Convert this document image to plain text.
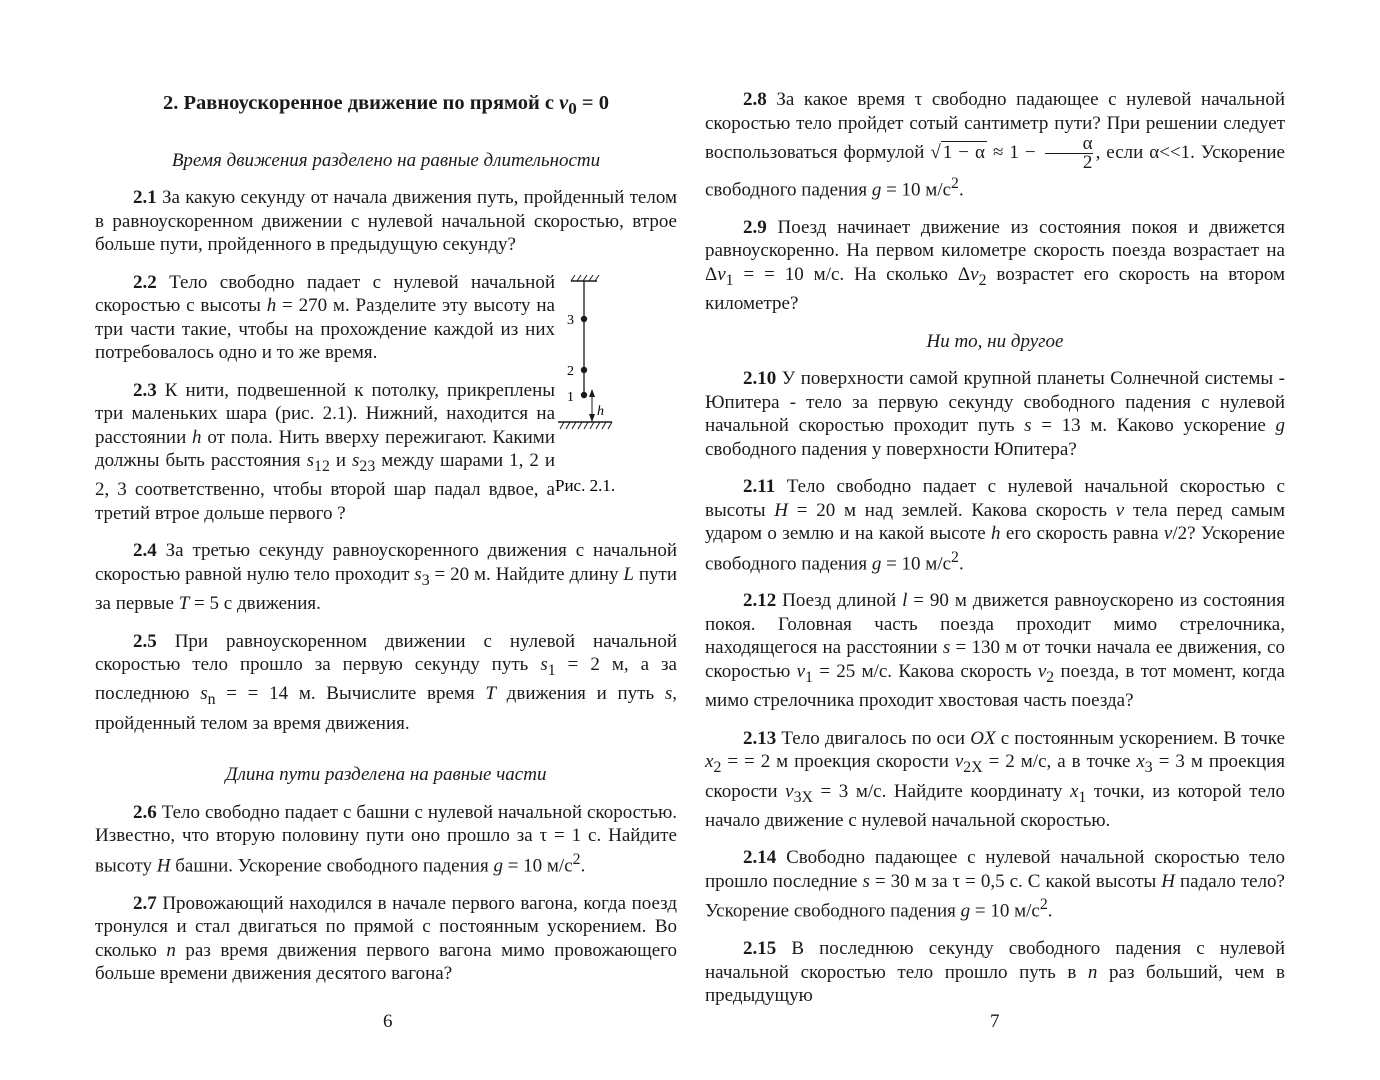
2. Равноускоренное движение по прямой с $v_0 = 0$

Время движения разделено на равные длительности

2.1 За какую секунду от начала движения путь, пройденный телом в равноускоренном движении с нулевой начальной скоростью, втрое больше пути, пройденного в предыдущую секунду?

2.2 Тело свободно падает с нулевой начальной скоростью с высоты h = 270 м. Разделите эту высоту на три части такие, чтобы на прохождение каждой из них потребовалось одно и то же время.

2.3 К нити, подвешенной к потолку, прикреплены три маленьких шара (рис. 2.1). Нижний, находится на расстоянии h от пола. Нить вверху пережигают. Какими должны быть расстояния $s_{12}$ и $s_{23}$ между шарами 1, 2 и 2, 3 соответственно, чтобы второй шар падал вдвое, а третий втрое дольше первого ?

3
2
1
h
Рис. 2.1.

2.4 За третью секунду равноускоренного движения с начальной скоростью равной нулю тело проходит $s_3 = 20$ м. Найдите длину L пути за первые T = 5 с движения.

2.5 При равноускоренном движении с нулевой начальной скоростью тело прошло за первую секунду путь $s_1 = 2$ м, а за последнюю $s_n$ = = 14 м. Вычислите время T движения и путь s, пройденный телом за время движения.

Длина пути разделена на равные части

2.6 Тело свободно падает с башни с нулевой начальной скоростью. Известно, что вторую половину пути оно прошло за τ = 1 с. Найдите высоту H башни. Ускорение свободного падения g = 10 $м/с^2$.

2.7 Провожающий находился в начале первого вагона, когда поезд тронулся и стал двигаться по прямой с постоянным ускорением. Во сколько n раз время движения первого вагона мимо провожающего больше времени движения десятого вагона?

6

2.8 За какое время τ свободно падающее с нулевой начальной скоростью тело пройдет сотый сантиметр пути? При решении следует воспользоваться формулой √ $1 - \alpha \approx 1 - \frac{\alpha}{2}$ , если α<<1. Ускорение свободного падения g = 10 $м/с^2$.

2.9 Поезд начинает движение из состояния покоя и движется равноускоренно. На первом километре скорость поезда возрастает на $\Delta v_1$ = = 10 м/с. На сколько $\Delta v_2$ возрастет его скорость на втором километре?

Ни то, ни другое

2.10 У поверхности самой крупной планеты Солнечной системы - Юпитера - тело за первую секунду свободного падения с нулевой начальной скоростью проходит путь s = 13 м. Каково ускорение g свободного падения у поверхности Юпитера?

2.11 Тело свободно падает с нулевой начальной скоростью с высоты H = 20 м над землей. Какова скорость v тела перед самым ударом о землю и на какой высоте h его скорость равна v/2? Ускорение свободного падения g = 10 $м/с^2$.

2.12 Поезд длиной l = 90 м движется равноускорено из состояния покоя. Головная часть поезда проходит мимо стрелочника, находящегося на расстоянии s = 130 м от точки начала ее движения, со скоростью $v_1 = 25$ м/с. Какова скорость $v_2$ поезда, в тот момент, когда мимо стрелочника проходит хвостовая часть поезда?

2.13 Тело двигалось по оси OX с постоянным ускорением. В точке $x_2$ = = 2 м проекция скорости $v_{2X} = 2$ м/с, а в точке $x_3 = 3$ м проекция скорости $v_{3X} = 3$ м/с. Найдите координату $x_1$ точки, из которой тело начало движение с нулевой начальной скоростью.

2.14 Свободно падающее с нулевой начальной скоростью тело прошло последние s = 30 м за τ = 0,5 с. С какой высоты H падало тело? Ускорение свободного падения g = 10 $м/с^2$.

2.15 В последнюю секунду свободного падения с нулевой начальной скоростью тело прошло путь в n раз больший, чем в предыдущую

7
